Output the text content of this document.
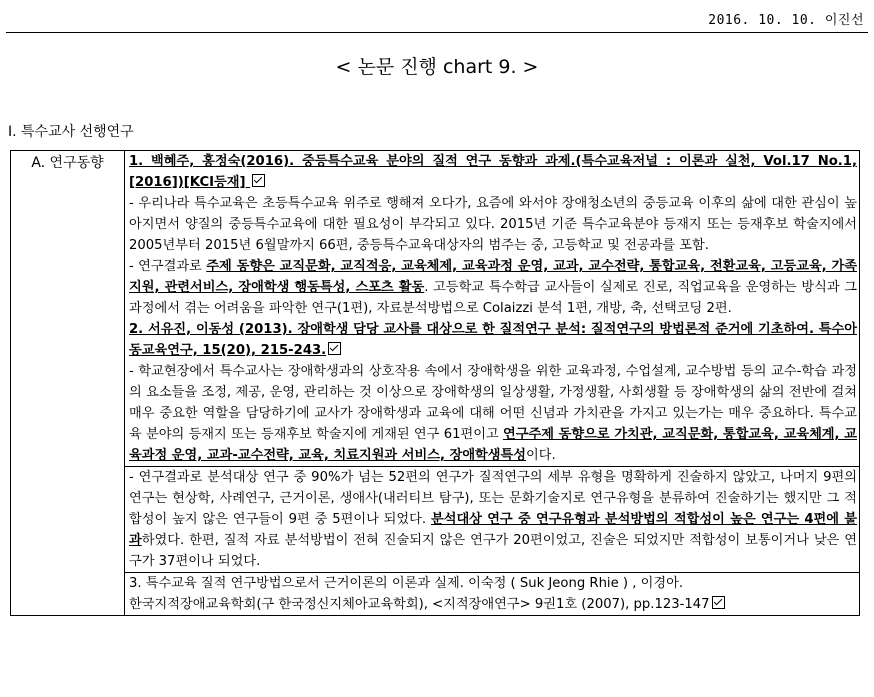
2016. 10. 10. 이진선
< 논문 진행 chart 9. >
I. 특수교사 선행연구
A. 연구동향	1. 백혜주, 홍정숙(2016). 중등특수교육 분야의 질적 연구 동향과 과제.(특수교육저널 : 이론과 실천, Vol.17 No.1, [2016])[KCI등재]

- 우리나라 특수교육은 초등특수교육 위주로 행해져 오다가, 요즘에 와서야 장애청소년의 중등교육 이후의 삶에 대한 관심이 높아지면서 양질의 중등특수교육에 대한 필요성이 부각되고 있다. 2015년 기준 특수교육분야 등재지 또는 등재후보 학술지에서 2005년부터 2015년 6월말까지 66편, 중등특수교육대상자의 범주는 중, 고등학교 및 전공과를 포함.

- 연구결과로 주제 동향은 교직문화, 교직적응, 교육체제, 교육과정 운영, 교과, 교수전략, 통합교육, 전환교육, 고등교육, 가족지원, 관련서비스, 장애학생 행동특성, 스포츠 활동. 고등학교 특수학급 교사들이 실제로 진로, 직업교육을 운영하는 방식과 그 과정에서 겪는 어려움을 파악한 연구(1편), 자료분석방법으로 Colaizzi 분석 1편, 개방, 축, 선택코딩 2편.

2. 서유진, 이동성 (2013). 장애학생 담당 교사를 대상으로 한 질적연구 분석: 질적연구의 방법론적 준거에 기초하여. 특수아동교육연구, 15(20), 215-243.

- 학교현장에서 특수교사는 장애학생과의 상호작용 속에서 장애학생을 위한 교육과정, 수업설계, 교수방법 등의 교수-학습 과정의 요소들을 조정, 제공, 운영, 관리하는 것 이상으로 장애학생의 일상생활, 가정생활, 사회생활 등 장애학생의 삶의 전반에 걸쳐 매우 중요한 역할을 담당하기에 교사가 장애학생과 교육에 대해 어떤 신념과 가치관을 가지고 있는가는 매우 중요하다. 특수교육 분야의 등재지 또는 등재후보 학술지에 게재된 연구 61편이고 연구주제 동향으로 가치관, 교직문화, 통합교육, 교육체계, 교육과정 운영, 교과-교수전략, 교육, 치료지원과 서비스, 장애학생특성이다.

- 연구결과로 분석대상 연구 중 90%가 넘는 52편의 연구가 질적연구의 세부 유형을 명확하게 진술하지 않았고, 나머지 9편의 연구는 현상학, 사례연구, 근거이론, 생애사(내러티브 탐구), 또는 문화기술지로 연구유형을 분류하여 진술하기는 했지만 그 적합성이 높지 않은 연구들이 9편 중 5편이나 되었다. 분석대상 연구 중 연구유형과 분석방법의 적합성이 높은 연구는 4편에 불과하였다. 한편, 질적 자료 분석방법이 전혀 진술되지 않은 연구가 20편이었고, 진술은 되었지만 적합성이 보통이거나 낮은 연구가 37편이나 되었다.

3. 특수교육 질적 연구방법으로서 근거이론의 이론과 실제. 이숙정 ( Suk Jeong Rhie ) , 이경아.

한국지적장애교육학회(구 한국정신지체아교육학회), <지적장애연구> 9권1호 (2007), pp.123-147
